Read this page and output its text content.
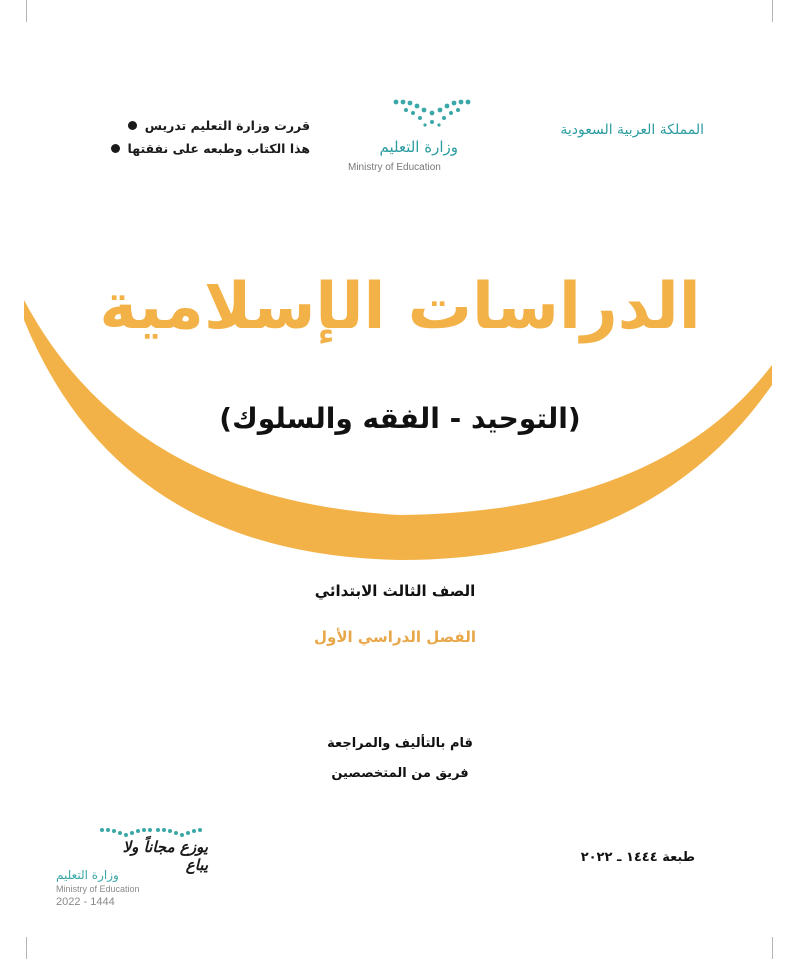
المملكة العربية السعودية
وزارة التعليم
Ministry of Education
قررت وزارة التعليم تدريس
هذا الكتاب وطبعه على نفقتها
الدراسات الإسلامية
(التوحيد - الفقه والسلوك)
الصف الثالث الابتدائي
الفصل الدراسي الأول
قام بالتأليف والمراجعة
فريق من المتخصصين
طبعة ١٤٤٤ ـ ٢٠٢٢
يوزع مجاناً ولا يباع
وزارة التعليم
Ministry of Education
2022 - 1444
